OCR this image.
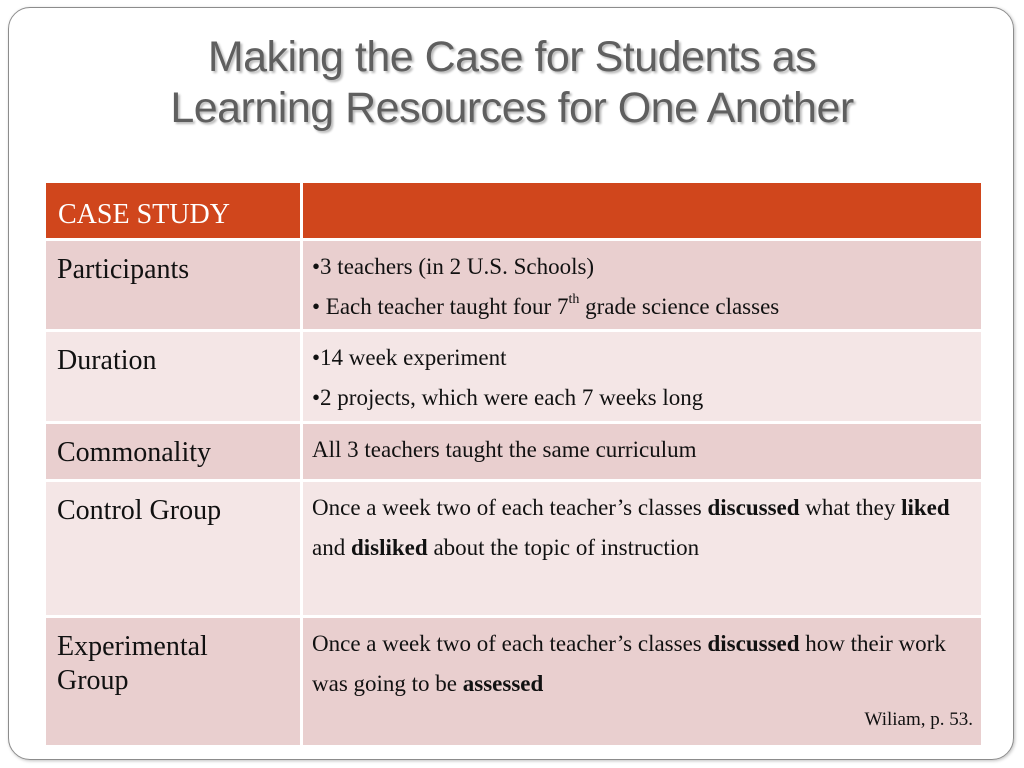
Making the Case for Students as
Learning Resources for One Another
CASE STUDY	
Participants	•3 teachers (in 2 U.S. Schools)
• Each teacher taught four 7th grade science classes

Duration	•14 week experiment
•2 projects, which were each 7 weeks long

Commonality	All 3 teachers taught the same curriculum

Control Group	Once a week two of each teacher’s classes discussed what they liked and disliked about the topic of instruction

Experimental
Group	Once a week two of each teacher’s classes discussed how their work was going to be assessed
Wiliam, p. 53.
